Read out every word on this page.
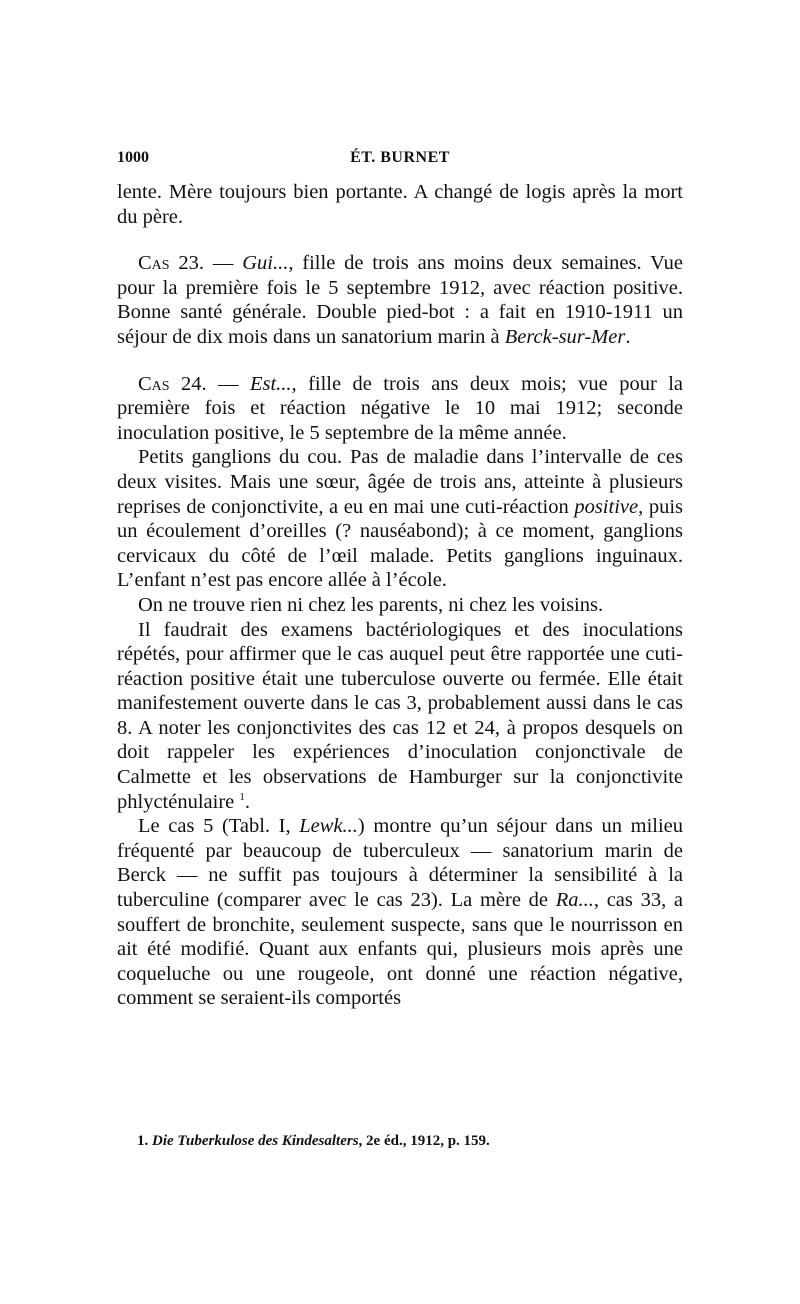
1000	ÉT. BURNET

lente. Mère toujours bien portante. A changé de logis après la mort du père.

Cas 23. — Gui..., fille de trois ans moins deux semaines. Vue pour la première fois le 5 septembre 1912, avec réaction positive. Bonne santé générale. Double pied-bot : a fait en 1910-1911 un séjour de dix mois dans un sanatorium marin à Berck-sur-Mer.

Cas 24. — Est..., fille de trois ans deux mois; vue pour la première fois et réaction négative le 10 mai 1912; seconde inoculation positive, le 5 septembre de la même année.

Petits ganglions du cou. Pas de maladie dans l’intervalle de ces deux visites. Mais une sœur, âgée de trois ans, atteinte à plusieurs reprises de conjonctivite, a eu en mai une cuti-réaction positive, puis un écoulement d’oreilles (? nauséabond); à ce moment, ganglions cervicaux du côté de l’œil malade. Petits ganglions inguinaux. L’enfant n’est pas encore allée à l’école.

On ne trouve rien ni chez les parents, ni chez les voisins.

Il faudrait des examens bactériologiques et des inoculations répétés, pour affirmer que le cas auquel peut être rapportée une cuti-réaction positive était une tuberculose ouverte ou fermée. Elle était manifestement ouverte dans le cas 3, probablement aussi dans le cas 8. A noter les conjonctivites des cas 12 et 24, à propos desquels on doit rappeler les expériences d’inoculation conjonctivale de Calmette et les observations de Hamburger sur la conjonctivite phlycténulaire $^1$.

Le cas 5 (Tabl. I, Lewk...) montre qu’un séjour dans un milieu fréquenté par beaucoup de tuberculeux — sanatorium marin de Berck — ne suffit pas toujours à déterminer la sensibilité à la tuberculine (comparer avec le cas 23). La mère de Ra..., cas 33, a souffert de bronchite, seulement suspecte, sans que le nourrisson en ait été modifié. Quant aux enfants qui, plusieurs mois après une coqueluche ou une rougeole, ont donné une réaction négative, comment se seraient-ils comportés

1. Die Tuberkulose des Kindesalters, 2e éd., 1912, p. 159.
